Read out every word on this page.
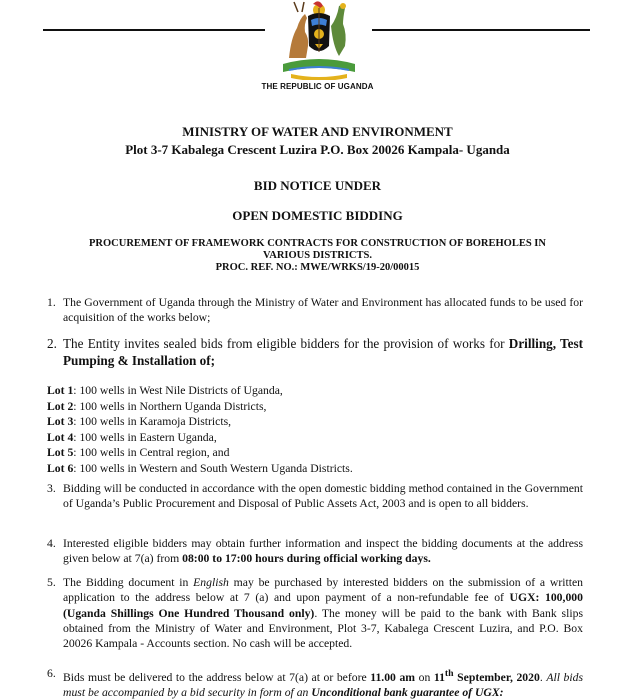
THE REPUBLIC OF UGANDA
MINISTRY OF WATER AND ENVIRONMENT
Plot 3-7 Kabalega Crescent Luzira P.O. Box 20026 Kampala- Uganda
BID NOTICE UNDER
OPEN DOMESTIC BIDDING
PROCUREMENT OF FRAMEWORK CONTRACTS FOR CONSTRUCTION OF BOREHOLES IN
VARIOUS DISTRICTS.
PROC. REF. NO.: MWE/WRKS/19-20/00015
1. The Government of Uganda through the Ministry of Water and Environment has allocated funds to be used for acquisition of the works below;
2. The Entity invites sealed bids from eligible bidders for the provision of works for Drilling, Test Pumping & Installation of;
Lot 1: 100 wells in West Nile Districts of Uganda,
Lot 2: 100 wells in Northern Uganda Districts,
Lot 3: 100 wells in Karamoja Districts,
Lot 4: 100 wells in Eastern Uganda,
Lot 5: 100 wells in Central region, and
Lot 6: 100 wells in Western and South Western Uganda Districts.
3. Bidding will be conducted in accordance with the open domestic bidding method contained in the Government of Uganda’s Public Procurement and Disposal of Public Assets Act, 2003 and is open to all bidders.
4. Interested eligible bidders may obtain further information and inspect the bidding documents at the address given below at 7(a) from 08:00 to 17:00 hours during official working days.
5. The Bidding document in English may be purchased by interested bidders on the submission of a written application to the address below at 7 (a) and upon payment of a non-refundable fee of UGX: 100,000 (Uganda Shillings One Hundred Thousand only). The money will be paid to the bank with Bank slips obtained from the Ministry of Water and Environment, Plot 3-7, Kabalega Crescent Luzira, and P.O. Box 20026 Kampala - Accounts section. No cash will be accepted.
6. Bids must be delivered to the address below at 7(a) at or before 11.00 am on 11th September, 2020. All bids must be accompanied by a bid security in form of an Unconditional bank guarantee of UGX:
